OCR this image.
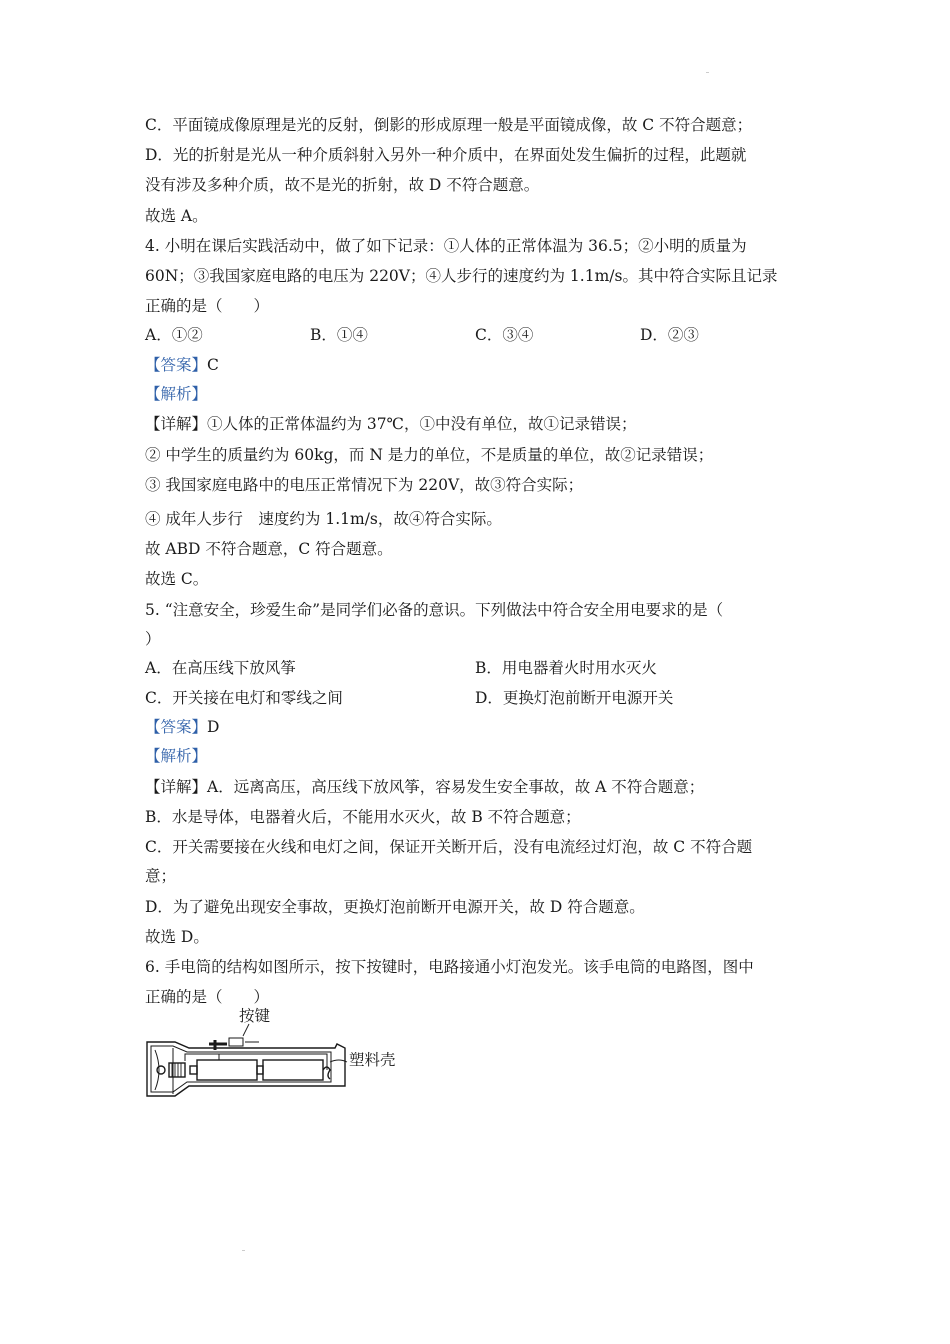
C．平面镜成像原理是光的反射，倒影的形成原理一般是平面镜成像，故 C 不符合题意；
D．光的折射是光从一种介质斜射入另外一种介质中，在界面处发生偏折的过程，此题就
没有涉及多种介质，故不是光的折射，故 D 不符合题意。
故选 A。
4. 小明在课后实践活动中，做了如下记录：①人体的正常体温为 36.5；②小明的质量为
60N；③我国家庭电路的电压为 220V；④人步行的速度约为 1.1m/s。其中符合实际且记录
正确的是（　　）
A．①②	B．①④	C．③④	D．②③
【答案】C
【解析】
【详解】①人体的正常体温约为 37℃，①中没有单位，故①记录错误；
② 中学生的质量约为 60kg，而 N 是力的单位，不是质量的单位，故②记录错误；
③ 我国家庭电路中的电压正常情况下为 220V，故③符合实际；
④ 成年人步行　速度约为 1.1m/s，故④符合实际。
故 ABD 不符合题意，C 符合题意。
故选 C。
5. “注意安全，珍爱生命”是同学们必备的意识。下列做法中符合安全用电要求的是（
）
A．在高压线下放风筝	B．用电器着火时用水灭火
C．开关接在电灯和零线之间	D．更换灯泡前断开电源开关
【答案】D
【解析】
【详解】A．远离高压，高压线下放风筝，容易发生安全事故，故 A 不符合题意；
B．水是导体，电器着火后，不能用水灭火，故 B 不符合题意；
C．开关需要接在火线和电灯之间，保证开关断开后，没有电流经过灯泡，故 C 不符合题
意；
D．为了避免出现安全事故，更换灯泡前断开电源开关，故 D 符合题意。
故选 D。
6. 手电筒的结构如图所示，按下按键时，电路接通小灯泡发光。该手电筒的电路图，图中
正确的是（　　）
按键
塑料壳
